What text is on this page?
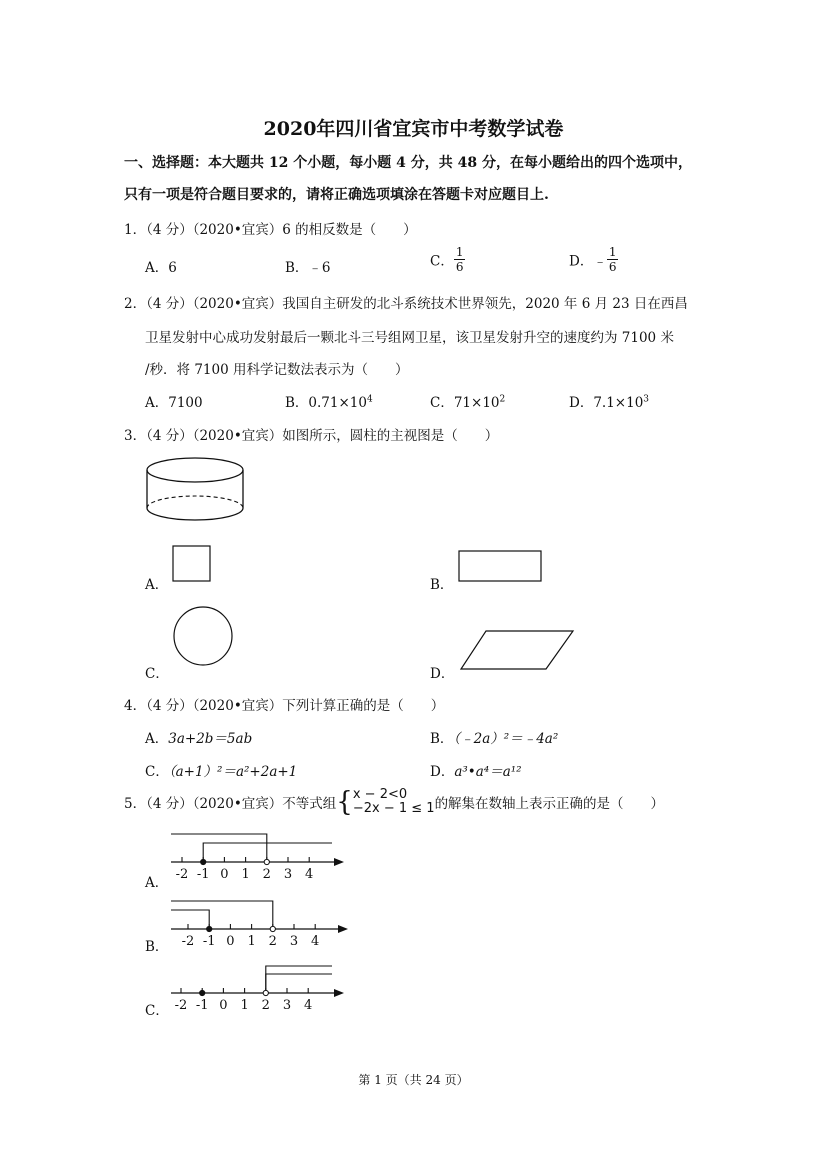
2020年四川省宜宾市中考数学试卷
一、选择题：本大题共 12 个小题，每小题 4 分，共 48 分，在每小题给出的四个选项中，
只有一项是符合题目要求的，请将正确选项填涂在答题卡对应题目上.
1．（4 分）（2020•宜宾）6 的相反数是（　　）
A．6	B．﹣6	C． $\frac{1}{6}$	D．﹣ $\frac{1}{6}$
2．（4 分）（2020•宜宾）我国自主研发的北斗系统技术世界领先，2020 年 6 月 23 日在西昌
卫星发射中心成功发射最后一颗北斗三号组网卫星，该卫星发射升空的速度约为 7100 米
/秒．将 7100 用科学记数法表示为（　　）
A．7100	B．$0.71\times 10^4$	C．$71\times 10^2$	D．$7.1\times 10^3$
3．（4 分）（2020•宜宾）如图所示，圆柱的主视图是（　　）
A．	B．
C．	D．
4．（4 分）（2020•宜宾）下列计算正确的是（　　）
A．3a+2b＝5ab	B．（﹣2a）²＝﹣4a²
C．（a+1）²＝a²+2a+1	D．a³•a⁴＝a¹²
5．（4 分）（2020•宜宾）不等式组{ x − 2<0
−2x − 1 ≤ 1 的解集在数轴上表示正确的是（　　）
A．
-2 -1 0 1 2 3 4
B． -2 -1 0 1 2 3 4
C． -2 -1 0 1 2 3 4
第 1 页（共 24 页）
